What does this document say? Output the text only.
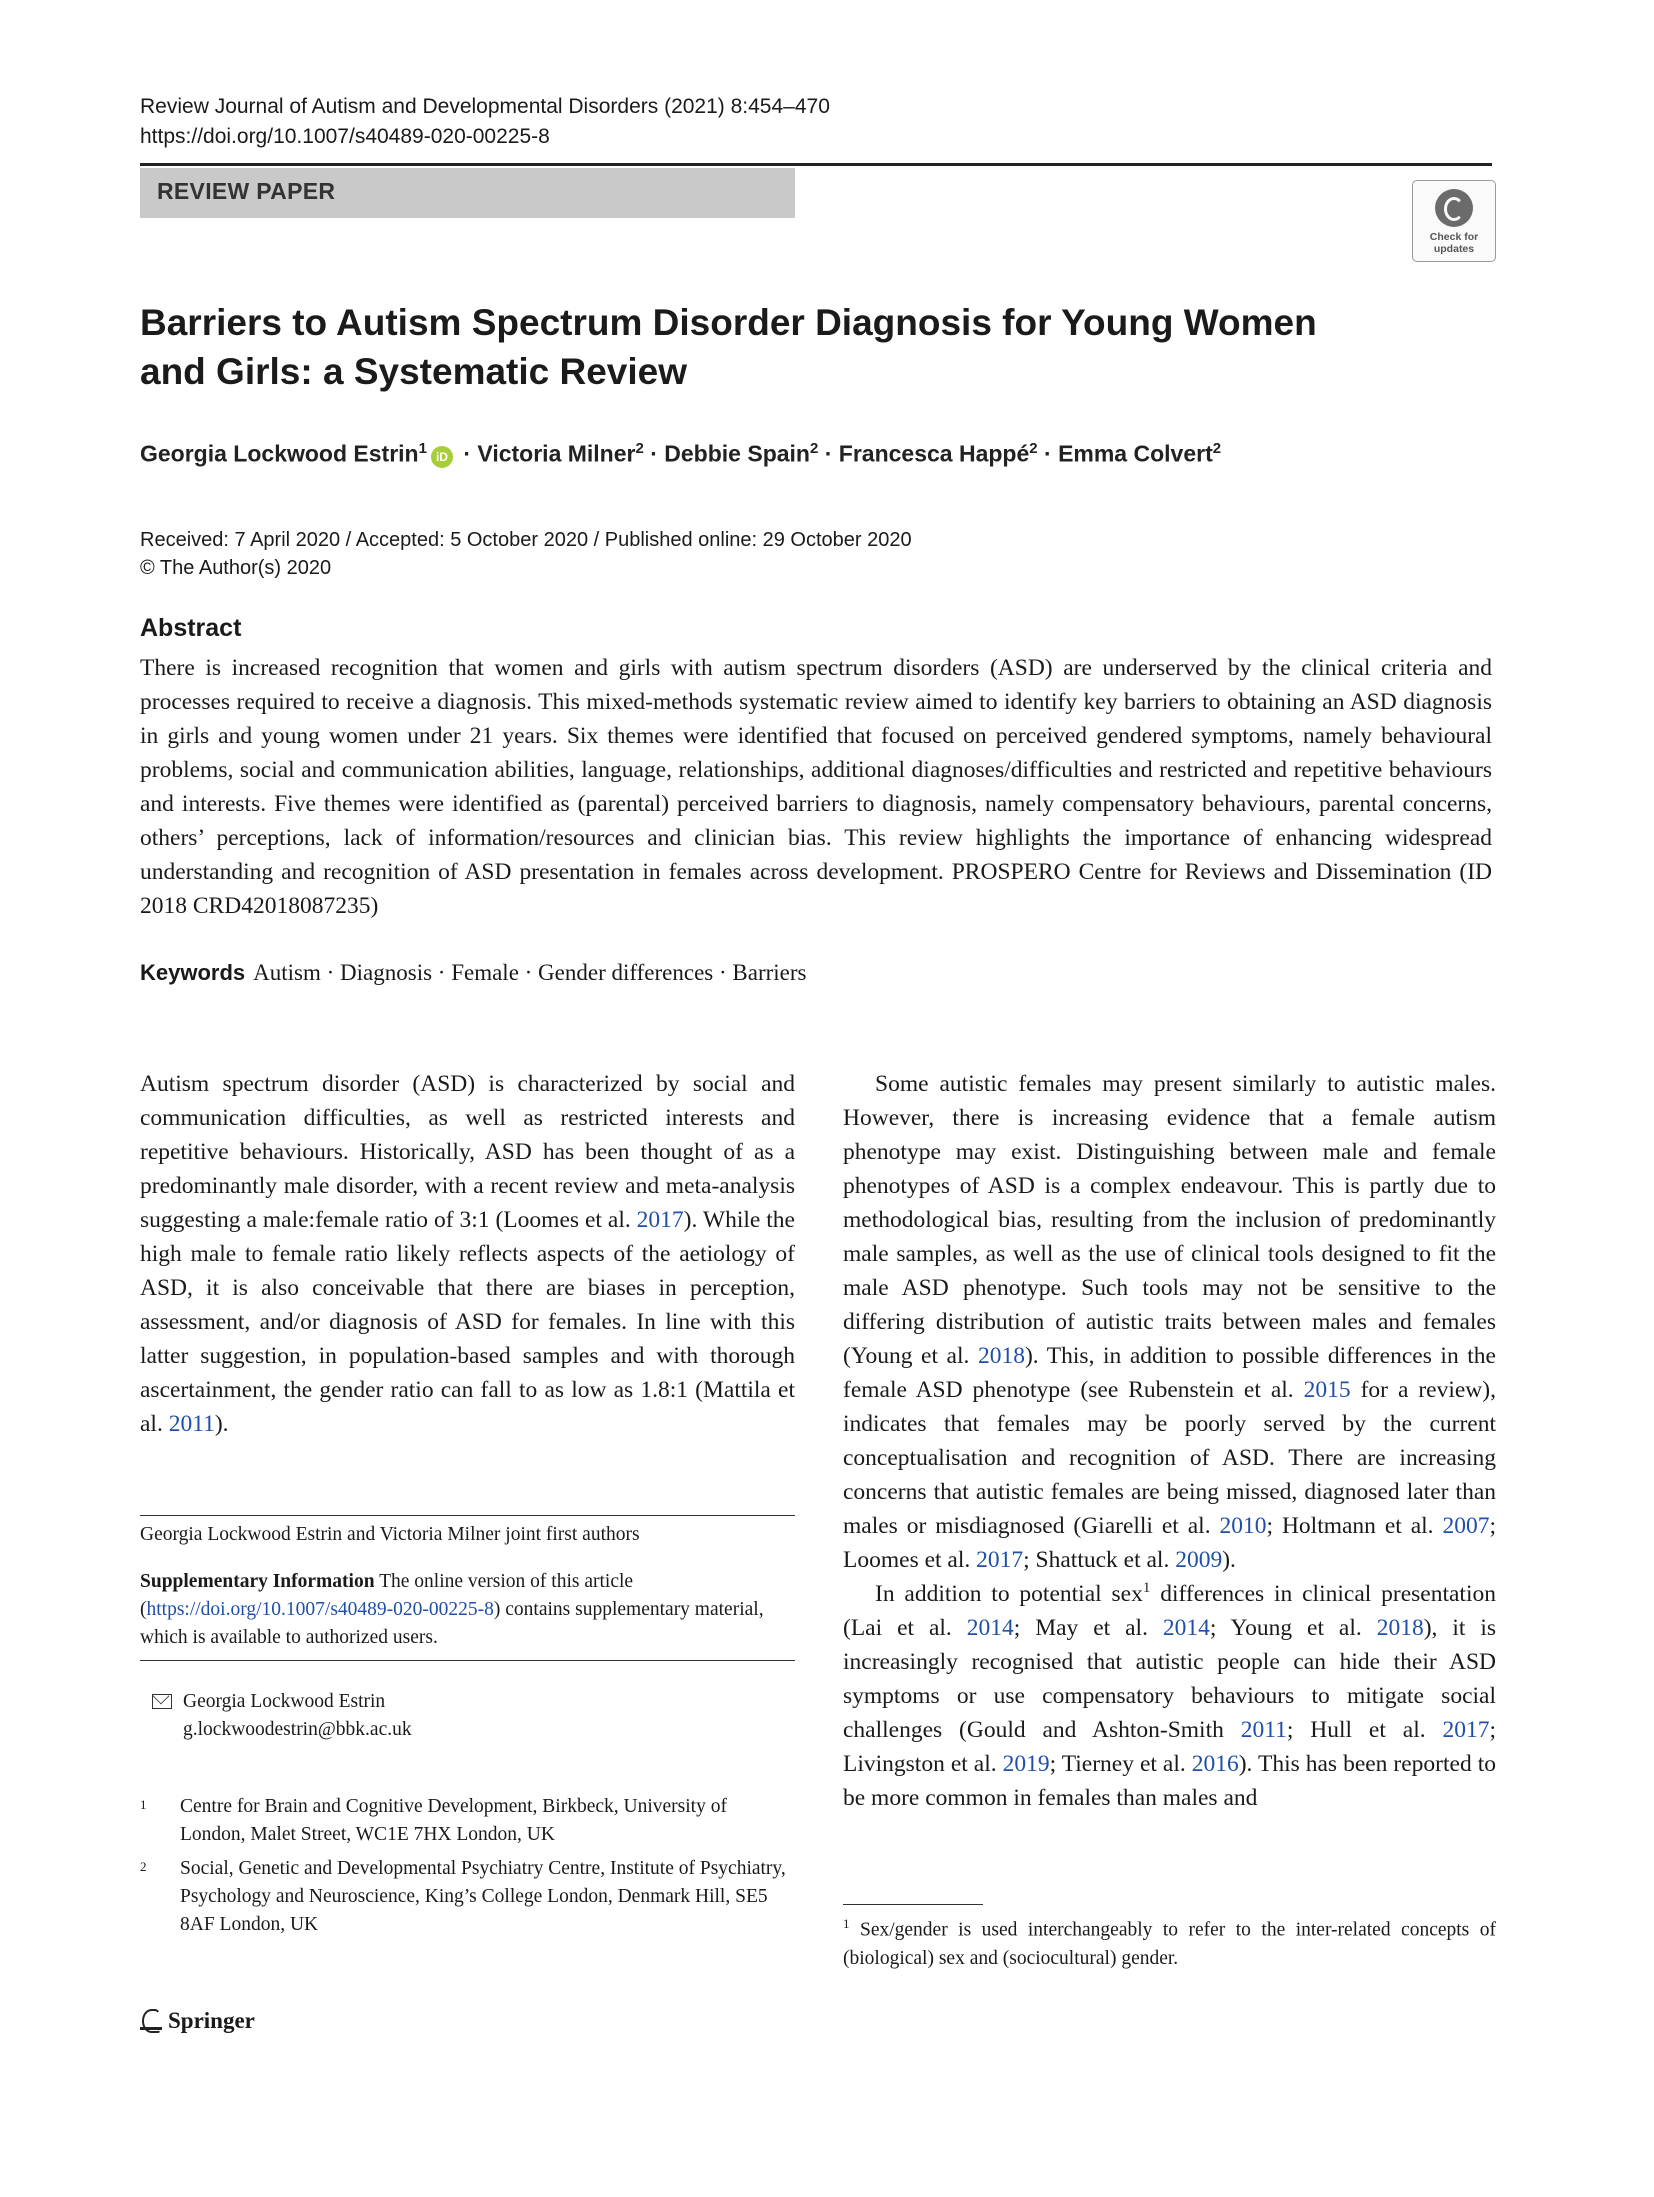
Review Journal of Autism and Developmental Disorders (2021) 8:454–470
https://doi.org/10.1007/s40489-020-00225-8
REVIEW PAPER
Check for updates
Barriers to Autism Spectrum Disorder Diagnosis for Young Women and Girls: a Systematic Review
Georgia Lockwood Estrin$^1$ iD · Victoria Milner$^2$ · Debbie Spain$^2$ · Francesca Happé$^2$ · Emma Colvert$^2$
Received: 7 April 2020 / Accepted: 5 October 2020 / Published online: 29 October 2020
© The Author(s) 2020
Abstract
There is increased recognition that women and girls with autism spectrum disorders (ASD) are underserved by the clinical criteria and processes required to receive a diagnosis. This mixed-methods systematic review aimed to identify key barriers to obtaining an ASD diagnosis in girls and young women under 21 years. Six themes were identified that focused on perceived gendered symptoms, namely behavioural problems, social and communication abilities, language, relationships, additional diagnoses/difficulties and restricted and repetitive behaviours and interests. Five themes were identified as (parental) perceived barriers to diagnosis, namely compensatory behaviours, parental concerns, others’ perceptions, lack of information/resources and clinician bias. This review highlights the importance of enhancing widespread understanding and recognition of ASD presentation in females across development. PROSPERO Centre for Reviews and Dissemination (ID 2018 CRD42018087235)
Keywords Autism · Diagnosis · Female · Gender differences · Barriers

Autism spectrum disorder (ASD) is characterized by social and communication difficulties, as well as restricted interests and repetitive behaviours. Historically, ASD has been thought of as a predominantly male disorder, with a recent review and meta-analysis suggesting a male:female ratio of 3:1 (Loomes et al. 2017). While the high male to female ratio likely reflects aspects of the aetiology of ASD, it is also conceivable that there are biases in perception, assessment, and/or diagnosis of ASD for females. In line with this latter suggestion, in population-based samples and with thorough ascertainment, the gender ratio can fall to as low as 1.8:1 (Mattila et al. 2011).

Some autistic females may present similarly to autistic males. However, there is increasing evidence that a female autism phenotype may exist. Distinguishing between male and female phenotypes of ASD is a complex endeavour. This is partly due to methodological bias, resulting from the inclusion of predominantly male samples, as well as the use of clinical tools designed to fit the male ASD phenotype. Such tools may not be sensitive to the differing distribution of autistic traits between males and females (Young et al. 2018). This, in addition to possible differences in the female ASD phenotype (see Rubenstein et al. 2015 for a review), indicates that females may be poorly served by the current conceptualisation and recognition of ASD. There are increasing concerns that autistic females are being missed, diagnosed later than males or misdiagnosed (Giarelli et al. 2010; Holtmann et al. 2007; Loomes et al. 2017; Shattuck et al. 2009).

In addition to potential sex$^1$ differences in clinical presentation (Lai et al. 2014; May et al. 2014; Young et al. 2018), it is increasingly recognised that autistic people can hide their ASD symptoms or use compensatory behaviours to mitigate social challenges (Gould and Ashton-Smith 2011; Hull et al. 2017; Livingston et al. 2019; Tierney et al. 2016). This has been reported to be more common in females than males and

Georgia Lockwood Estrin and Victoria Milner joint first authors
Supplementary Information The online version of this article (https://doi.org/10.1007/s40489-020-00225-8) contains supplementary material, which is available to authorized users.
Georgia Lockwood Estrin
g.lockwoodestrin@bbk.ac.uk
1 Centre for Brain and Cognitive Development, Birkbeck, University of London, Malet Street, WC1E 7HX London, UK
2 Social, Genetic and Developmental Psychiatry Centre, Institute of Psychiatry, Psychology and Neuroscience, King’s College London, Denmark Hill, SE5 8AF London, UK	$^1$ Sex/gender is used interchangeably to refer to the inter-related concepts of (biological) sex and (sociocultural) gender.
Springer
